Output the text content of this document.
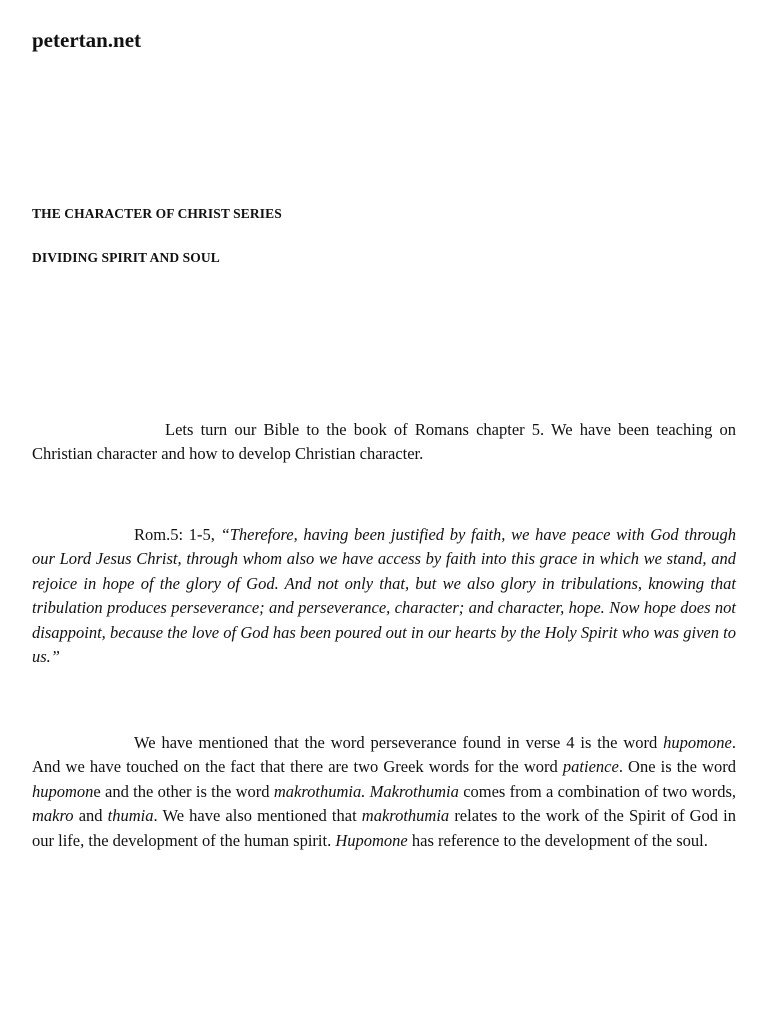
petertan.net
THE CHARACTER OF CHRIST SERIES
DIVIDING SPIRIT AND SOUL

Lets turn our Bible to the book of Romans chapter 5. We have been teaching on Christian character and how to develop Christian character.

Rom.5: 1-5, “Therefore, having been justified by faith, we have peace with God through our Lord Jesus Christ, through whom also we have access by faith into this grace in which we stand, and rejoice in hope of the glory of God. And not only that, but we also glory in tribulations, knowing that tribulation produces perseverance; and perseverance, character; and character, hope. Now hope does not disappoint, because the love of God has been poured out in our hearts by the Holy Spirit who was given to us.”

We have mentioned that the word perseverance found in verse 4 is the word hupomone. And we have touched on the fact that there are two Greek words for the word patience. One is the word hupomone and the other is the word makrothumia. Makrothumia comes from a combination of two words, makro and thumia. We have also mentioned that makrothumia relates to the work of the Spirit of God in our life, the development of the human spirit. Hupomone has reference to the development of the soul.
